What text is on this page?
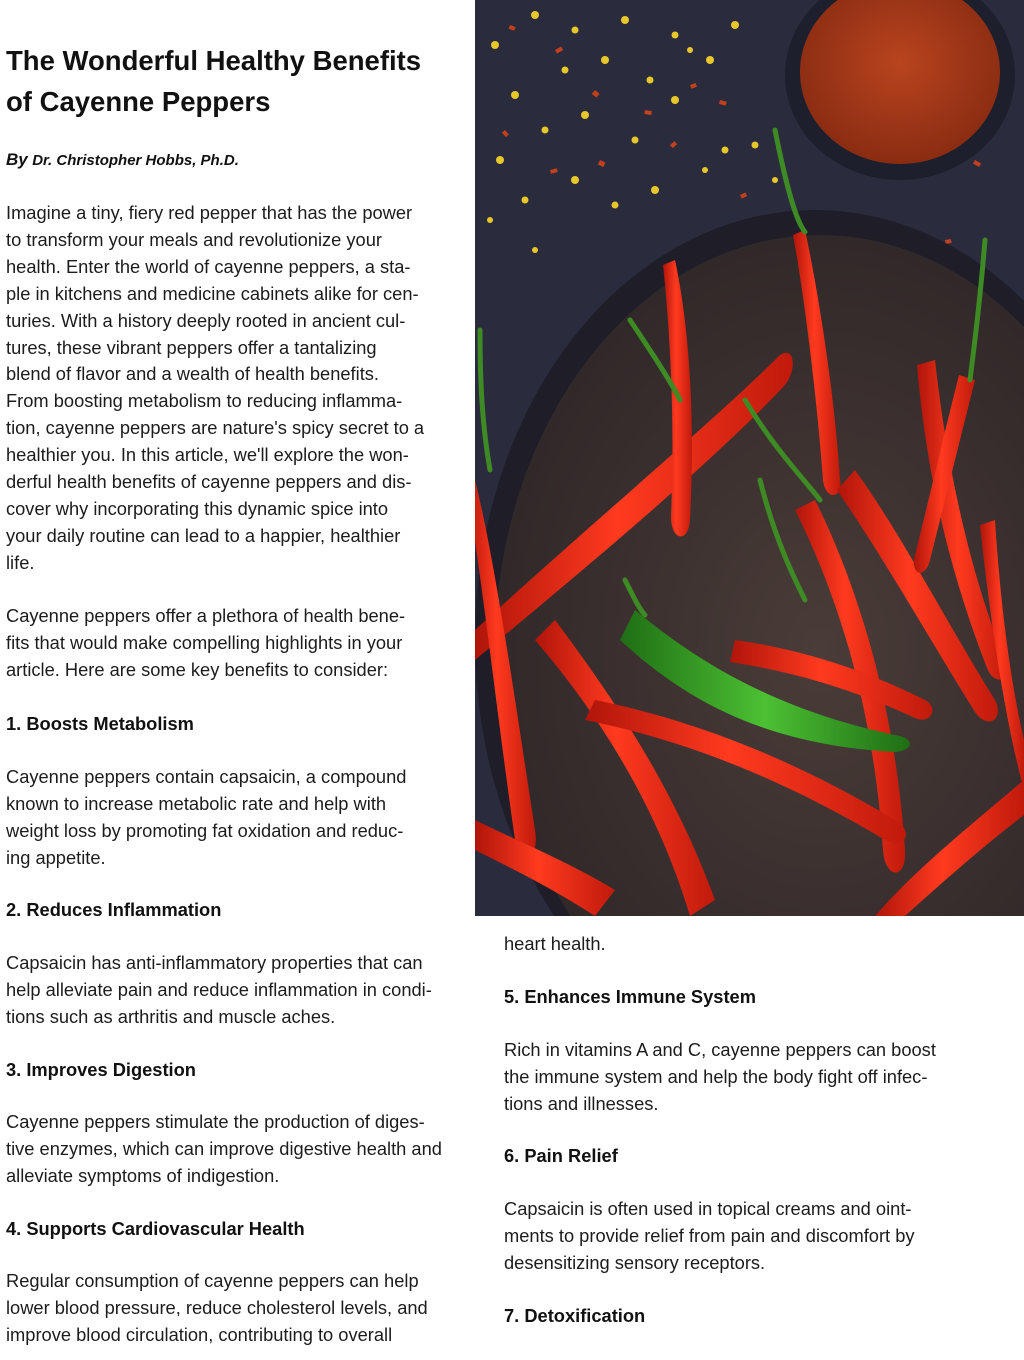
The Wonderful Healthy Benefits
of Cayenne Peppers
By Dr. Christopher Hobbs, Ph.D.

Imagine a tiny, fiery red pepper that has the power
to transform your meals and revolutionize your
health. Enter the world of cayenne peppers, a sta-
ple in kitchens and medicine cabinets alike for cen-
turies. With a history deeply rooted in ancient cul-
tures, these vibrant peppers offer a tantalizing
blend of flavor and a wealth of health benefits.
From boosting metabolism to reducing inflamma-
tion, cayenne peppers are nature's spicy secret to a
healthier you. In this article, we'll explore the won-
derful health benefits of cayenne peppers and dis-
cover why incorporating this dynamic spice into
your daily routine can lead to a happier, healthier
life.

Cayenne peppers offer a plethora of health bene-
fits that would make compelling highlights in your
article. Here are some key benefits to consider:

1. Boosts Metabolism

Cayenne peppers contain capsaicin, a compound
known to increase metabolic rate and help with
weight loss by promoting fat oxidation and reduc-
ing appetite.

2. Reduces Inflammation

Capsaicin has anti-inflammatory properties that can
help alleviate pain and reduce inflammation in condi-
tions such as arthritis and muscle aches.

3. Improves Digestion

Cayenne peppers stimulate the production of diges-
tive enzymes, which can improve digestive health and
alleviate symptoms of indigestion.

4. Supports Cardiovascular Health

Regular consumption of cayenne peppers can help
lower blood pressure, reduce cholesterol levels, and
improve blood circulation, contributing to overall

heart health.

5. Enhances Immune System

Rich in vitamins A and C, cayenne peppers can boost
the immune system and help the body fight off infec-
tions and illnesses.

6. Pain Relief

Capsaicin is often used in topical creams and oint-
ments to provide relief from pain and discomfort by
desensitizing sensory receptors.

7. Detoxification
